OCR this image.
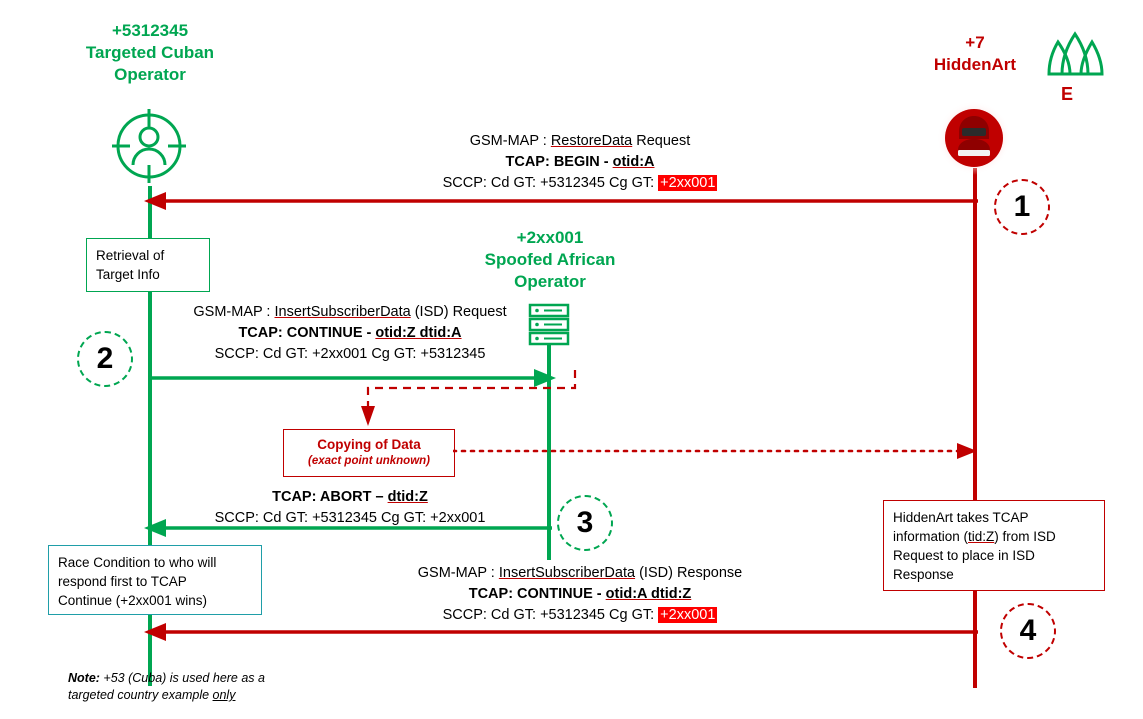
+5312345
Targeted Cuban
Operator
+2xx001
Spoofed African
Operator
+7
HiddenArt
E
GSM-MAP : RestoreData Request
TCAP: BEGIN - otid:A
SCCP: Cd GT: +5312345 Cg GT: +2xx001
Retrieval of
Target Info
1
2
3
4
GSM-MAP : InsertSubscriberData (ISD) Request
TCAP: CONTINUE - otid:Z dtid:A
SCCP: Cd GT: +2xx001 Cg GT: +5312345
Copying of Data
(exact point unknown)
TCAP: ABORT – dtid:Z
SCCP: Cd GT: +5312345 Cg GT: +2xx001
Race Condition to who will
respond first to TCAP
Continue (+2xx001 wins)
HiddenArt takes TCAP information (tid:Z) from ISD Request to place in ISD Response
GSM-MAP : InsertSubscriberData (ISD) Response
TCAP: CONTINUE - otid:A dtid:Z
SCCP: Cd GT: +5312345 Cg GT: +2xx001
Note: +53 (Cuba) is used here as a targeted country example only
